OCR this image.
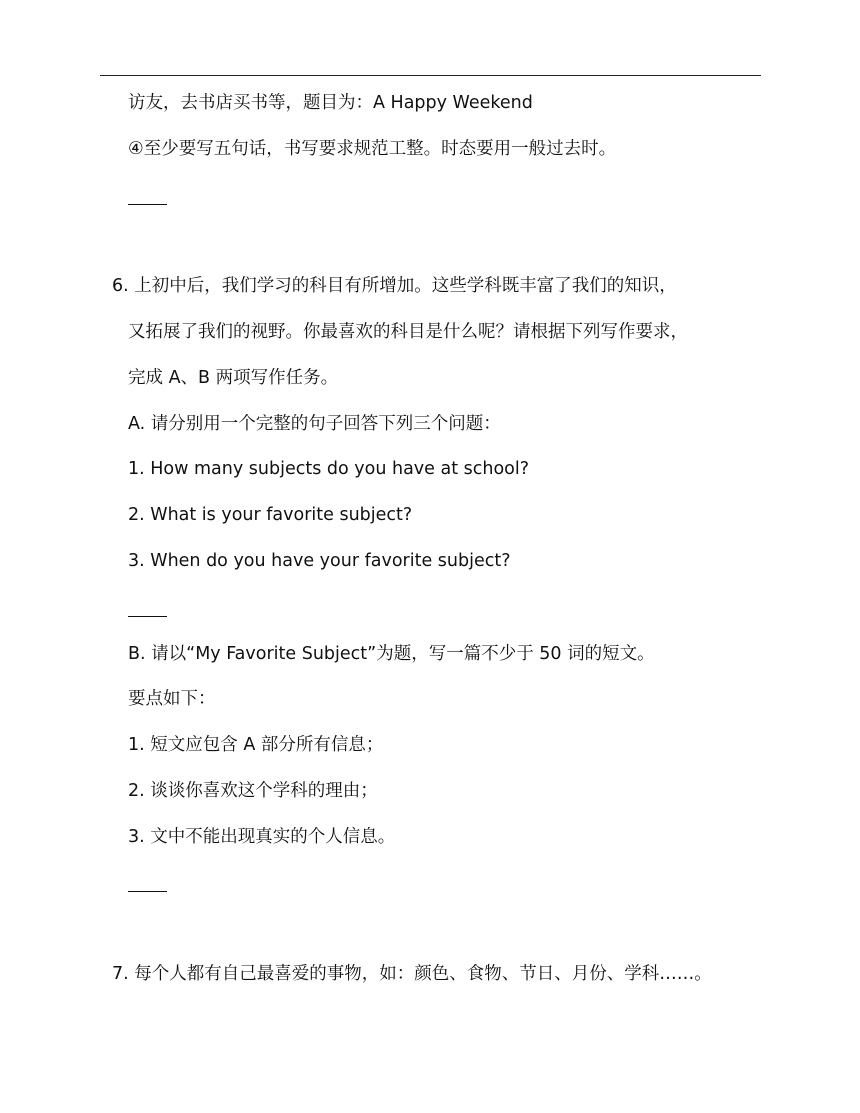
访友，去书店买书等，题目为：A Happy Weekend
④至少要写五句话，书写要求规范工整。时态要用一般过去时。
6. 上初中后，我们学习的科目有所增加。这些学科既丰富了我们的知识，
又拓展了我们的视野。你最喜欢的科目是什么呢？请根据下列写作要求，
完成 A、B 两项写作任务。
A. 请分别用一个完整的句子回答下列三个问题：
1. How many subjects do you have at school?
2. What is your favorite subject?
3. When do you have your favorite subject?
B. 请以“My Favorite Subject”为题，写一篇不少于 50 词的短文。
要点如下：
1. 短文应包含 A 部分所有信息；
2. 谈谈你喜欢这个学科的理由；
3. 文中不能出现真实的个人信息。
7. 每个人都有自己最喜爱的事物，如：颜色、食物、节日、月份、学科……。
